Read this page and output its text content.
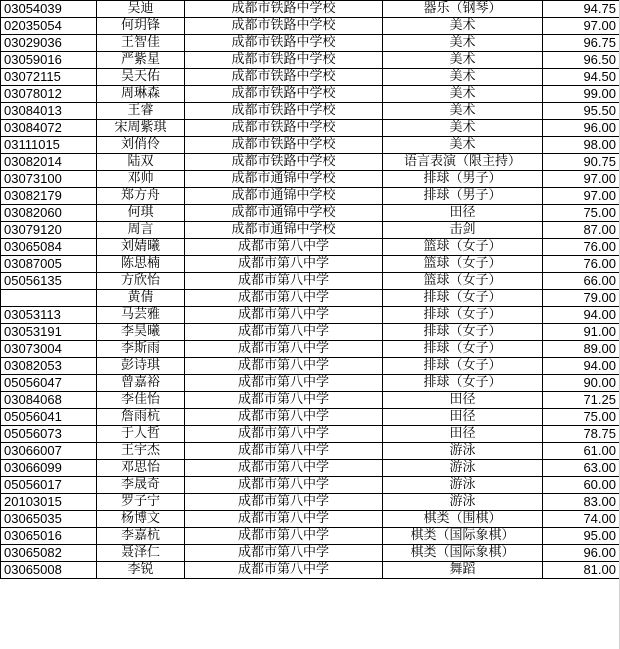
03054039	吴迪	成都市铁路中学校	器乐（钢琴）	94.75
02035054	何玥锋	成都市铁路中学校	美术	97.00
03029036	王智佳	成都市铁路中学校	美术	96.75
03059016	严紫星	成都市铁路中学校	美术	96.50
03072115	吴天佑	成都市铁路中学校	美术	94.50
03078012	周琳森	成都市铁路中学校	美术	99.00
03084013	王睿	成都市铁路中学校	美术	95.50
03084072	宋周紫琪	成都市铁路中学校	美术	96.00
03111015	刘俏伶	成都市铁路中学校	美术	98.00
03082014	陆双	成都市铁路中学校	语言表演（限主持）	90.75
03073100	邓帅	成都市通锦中学校	排球（男子）	97.00
03082179	郑方舟	成都市通锦中学校	排球（男子）	97.00
03082060	何琪	成都市通锦中学校	田径	75.00
03079120	周言	成都市通锦中学校	击剑	87.00
03065084	刘婧曦	成都市第八中学	篮球（女子）	76.00
03087005	陈思楠	成都市第八中学	篮球（女子）	76.00
05056135	方欣怡	成都市第八中学	篮球（女子）	66.00
	黄倩	成都市第八中学	排球（女子）	79.00
03053113	马芸雅	成都市第八中学	排球（女子）	94.00
03053191	李昊曦	成都市第八中学	排球（女子）	91.00
03073004	李斯雨	成都市第八中学	排球（女子）	89.00
03082053	彭诗琪	成都市第八中学	排球（女子）	94.00
05056047	曾嘉裕	成都市第八中学	排球（女子）	90.00
03084068	李佳怡	成都市第八中学	田径	71.25
05056041	詹雨杭	成都市第八中学	田径	75.00
05056073	于人哲	成都市第八中学	田径	78.75
03066007	王宇杰	成都市第八中学	游泳	61.00
03066099	邓思怡	成都市第八中学	游泳	63.00
05056017	李晟奇	成都市第八中学	游泳	60.00
20103015	罗子宁	成都市第八中学	游泳	83.00
03065035	杨博文	成都市第八中学	棋类（围棋）	74.00
03065016	李嘉杭	成都市第八中学	棋类（国际象棋）	95.00
03065082	聂泽仁	成都市第八中学	棋类（国际象棋）	96.00
03065008	李锐	成都市第八中学	舞蹈	81.00
